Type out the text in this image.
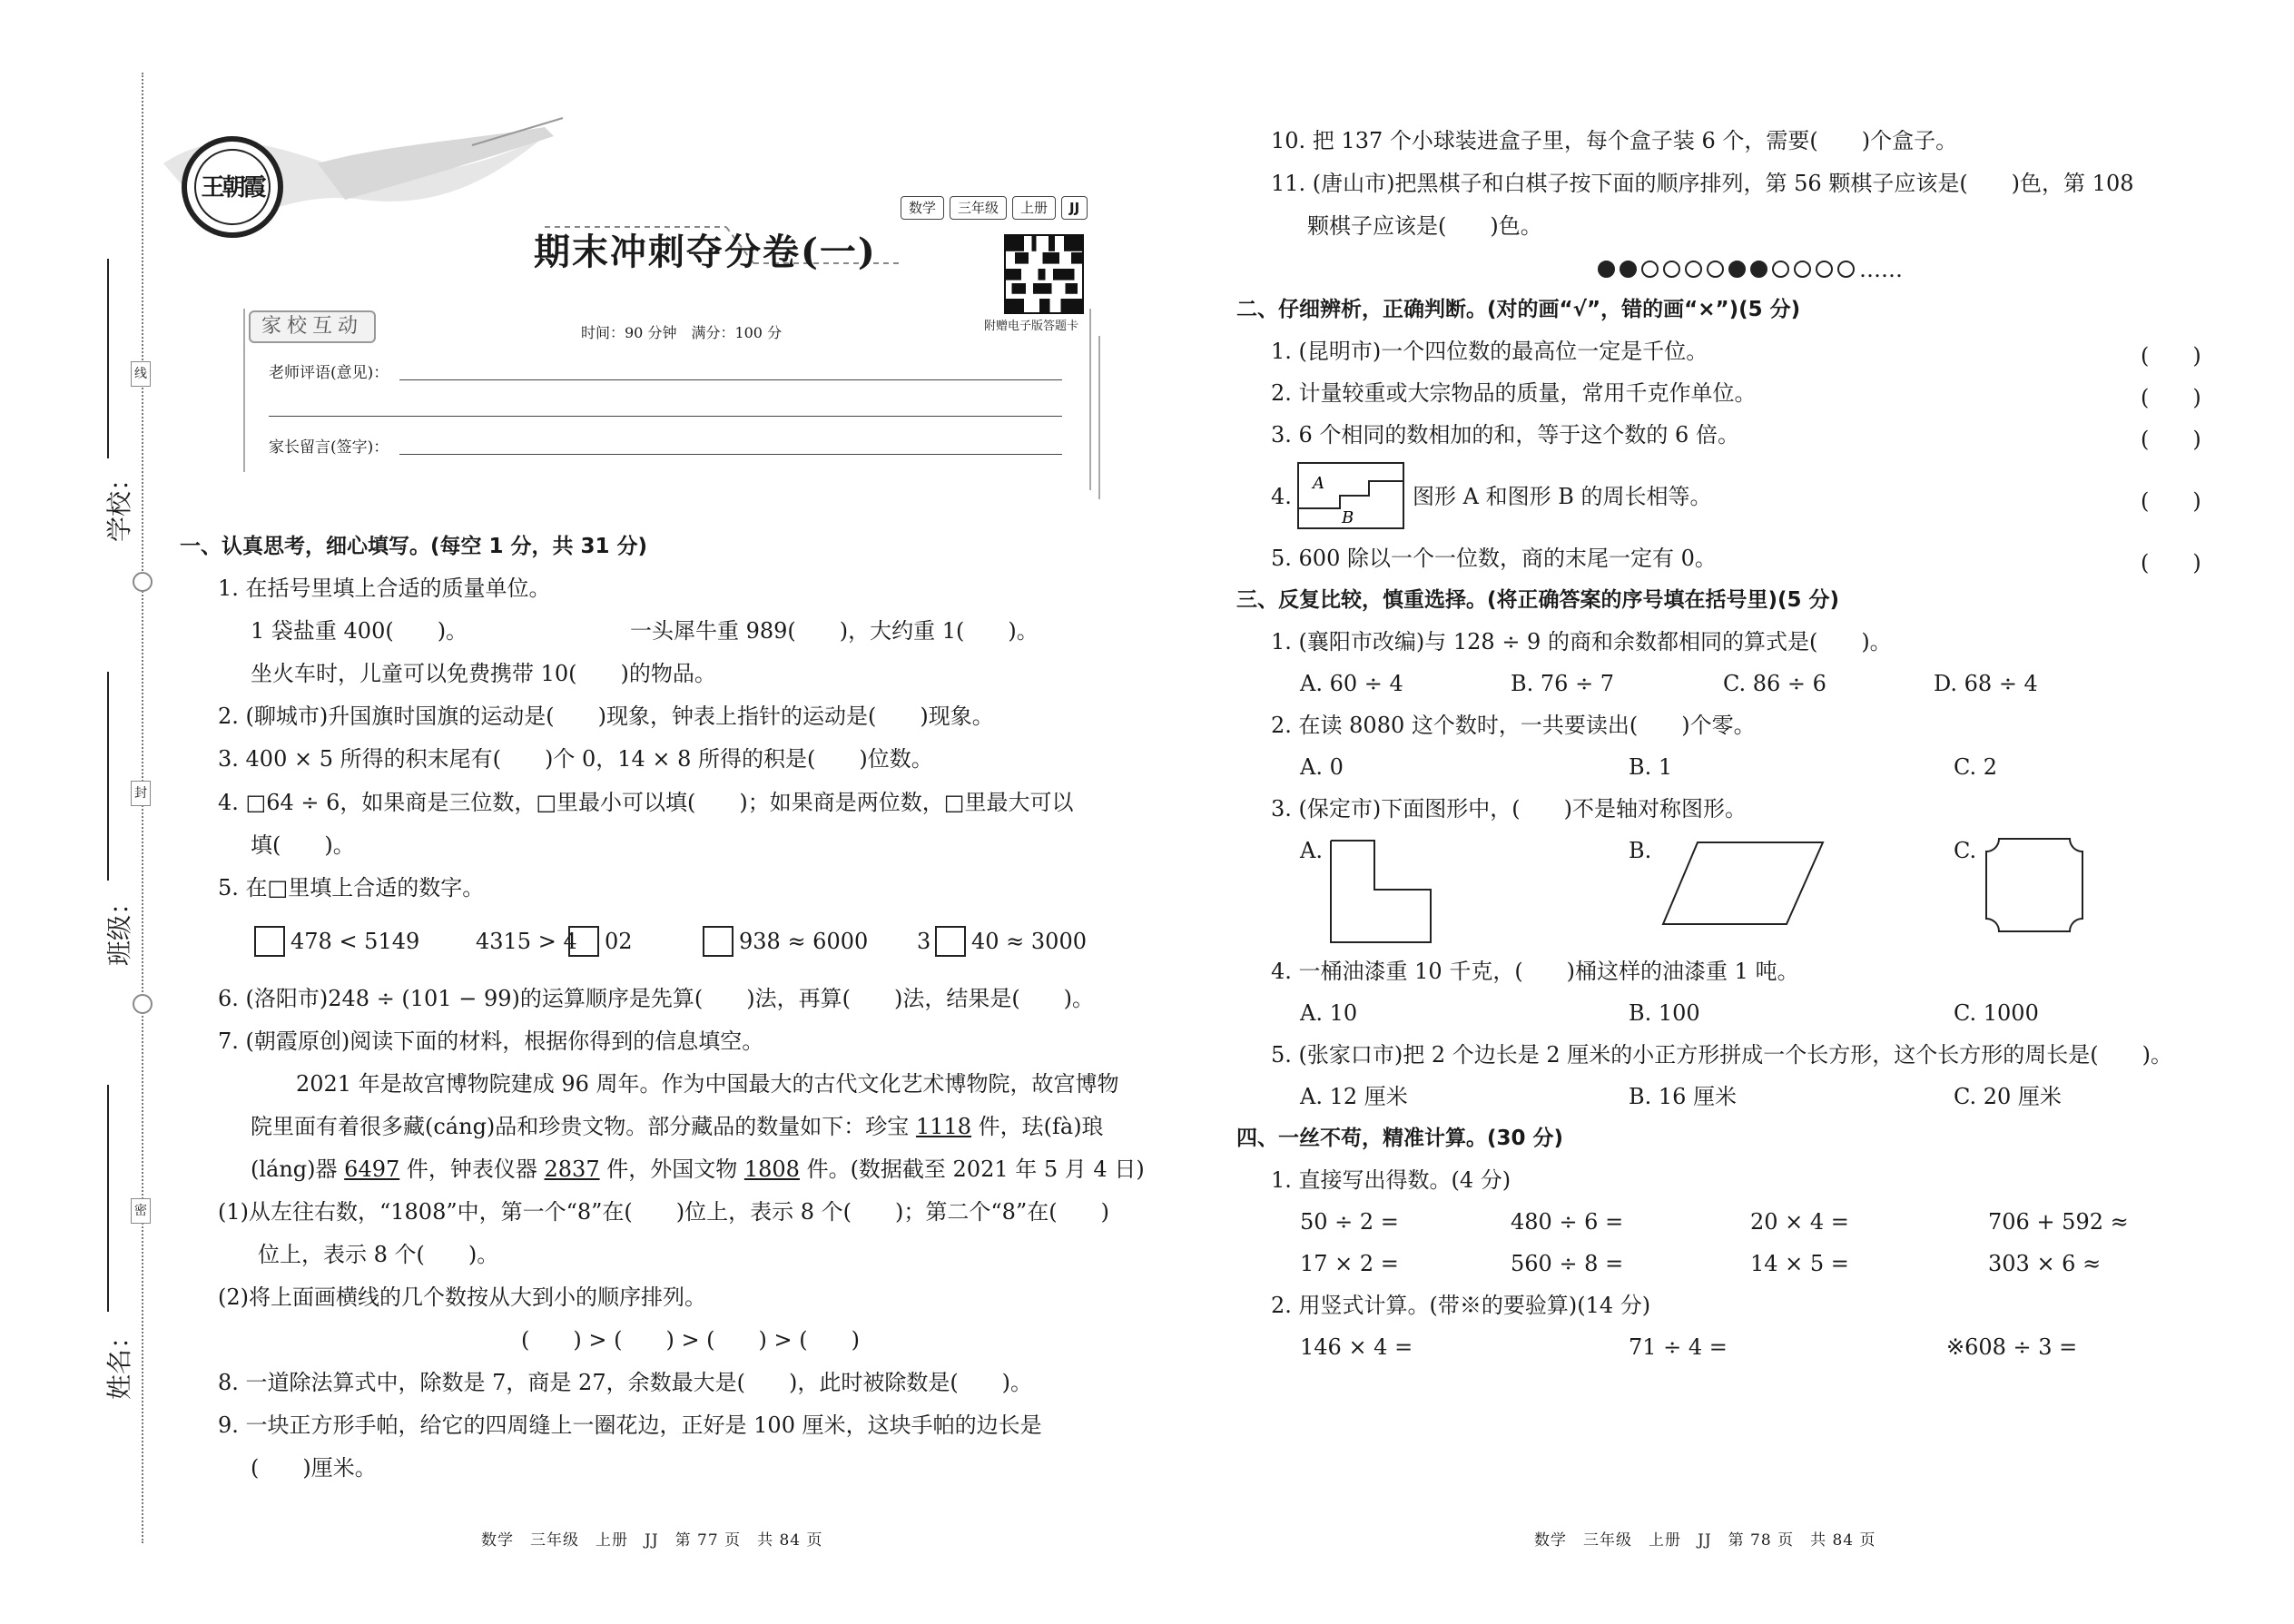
线
封
密
学校：
班级：
姓名：
王朝霞
数学	三年级	上册	JJ
期末冲刺夺分卷(一)
附赠电子版答题卡
家校互动	时间：90 分钟　满分：100 分
老师评语(意见)：
家长留言(签字)：
一、认真思考，细心填写。(每空 1 分，共 31 分)
1. 在括号里填上合适的质量单位。
1 袋盐重 400(　　)。	一头犀牛重 989(　　)，大约重 1(　　)。
坐火车时，儿童可以免费携带 10(　　)的物品。
2. (聊城市)升国旗时国旗的运动是(　　)现象，钟表上指针的运动是(　　)现象。
3. 400 × 5 所得的积末尾有(　　)个 0，14 × 8 所得的积是(　　)位数。
4. □64 ÷ 6，如果商是三位数，□里最小可以填(　　)；如果商是两位数，□里最大可以
填(　　)。
5. 在□里填上合适的数字。
478 < 5149	4315 > 4 02	938 ≈ 6000 3 40 ≈ 3000
6. (洛阳市)248 ÷ (101 − 99)的运算顺序是先算(　　)法，再算(　　)法，结果是(　　)。
7. (朝霞原创)阅读下面的材料，根据你得到的信息填空。
2021 年是故宫博物院建成 96 周年。作为中国最大的古代文化艺术博物院，故宫博物
院里面有着很多藏(cáng)品和珍贵文物。部分藏品的数量如下：珍宝 1118 件，珐(fà)琅
(láng)器 6497 件，钟表仪器 2837 件，外国文物 1808 件。(数据截至 2021 年 5 月 4 日)
(1)从左往右数，“1808”中，第一个“8”在(　　)位上，表示 8 个(　　)；第二个“8”在(　　)
位上，表示 8 个(　　)。
(2)将上面画横线的几个数按从大到小的顺序排列。
(　　) > (　　) > (　　) > (　　)
8. 一道除法算式中，除数是 7，商是 27，余数最大是(　　)，此时被除数是(　　)。
9. 一块正方形手帕，给它的四周缝上一圈花边，正好是 100 厘米，这块手帕的边长是
(　　)厘米。
数学　三年级　上册　JJ　第 77 页　共 84 页
10. 把 137 个小球装进盒子里，每个盒子装 6 个，需要(　　)个盒子。
11. (唐山市)把黑棋子和白棋子按下面的顺序排列，第 56 颗棋子应该是(　　)色，第 108
颗棋子应该是(　　)色。
……
二、仔细辨析，正确判断。(对的画“√”，错的画“×”)(5 分)
1. (昆明市)一个四位数的最高位一定是千位。	(　　)
2. 计量较重或大宗物品的质量，常用千克作单位。	(　　)
3. 6 个相同的数相加的和，等于这个数的 6 倍。	(　　)
4.
A
B
图形 A 和图形 B 的周长相等。	(　　)
5. 600 除以一个一位数，商的末尾一定有 0。	(　　)
三、反复比较，慎重选择。(将正确答案的序号填在括号里)(5 分)
1. (襄阳市改编)与 128 ÷ 9 的商和余数都相同的算式是(　　)。
A. 60 ÷ 4	B. 76 ÷ 7	C. 86 ÷ 6	D. 68 ÷ 4
2. 在读 8080 这个数时，一共要读出(　　)个零。
A. 0	B. 1	C. 2
3. (保定市)下面图形中，(　　)不是轴对称图形。
A.	B.	C.
4. 一桶油漆重 10 千克，(　　)桶这样的油漆重 1 吨。
A. 10	B. 100	C. 1000
5. (张家口市)把 2 个边长是 2 厘米的小正方形拼成一个长方形，这个长方形的周长是(　　)。
A. 12 厘米	B. 16 厘米	C. 20 厘米
四、一丝不苟，精准计算。(30 分)
1. 直接写出得数。(4 分)
50 ÷ 2 =	480 ÷ 6 =	20 × 4 =	706 + 592 ≈
17 × 2 =	560 ÷ 8 =	14 × 5 =	303 × 6 ≈
2. 用竖式计算。(带※的要验算)(14 分)
146 × 4 =	71 ÷ 4 =	※608 ÷ 3 =
数学　三年级　上册　JJ　第 78 页　共 84 页
